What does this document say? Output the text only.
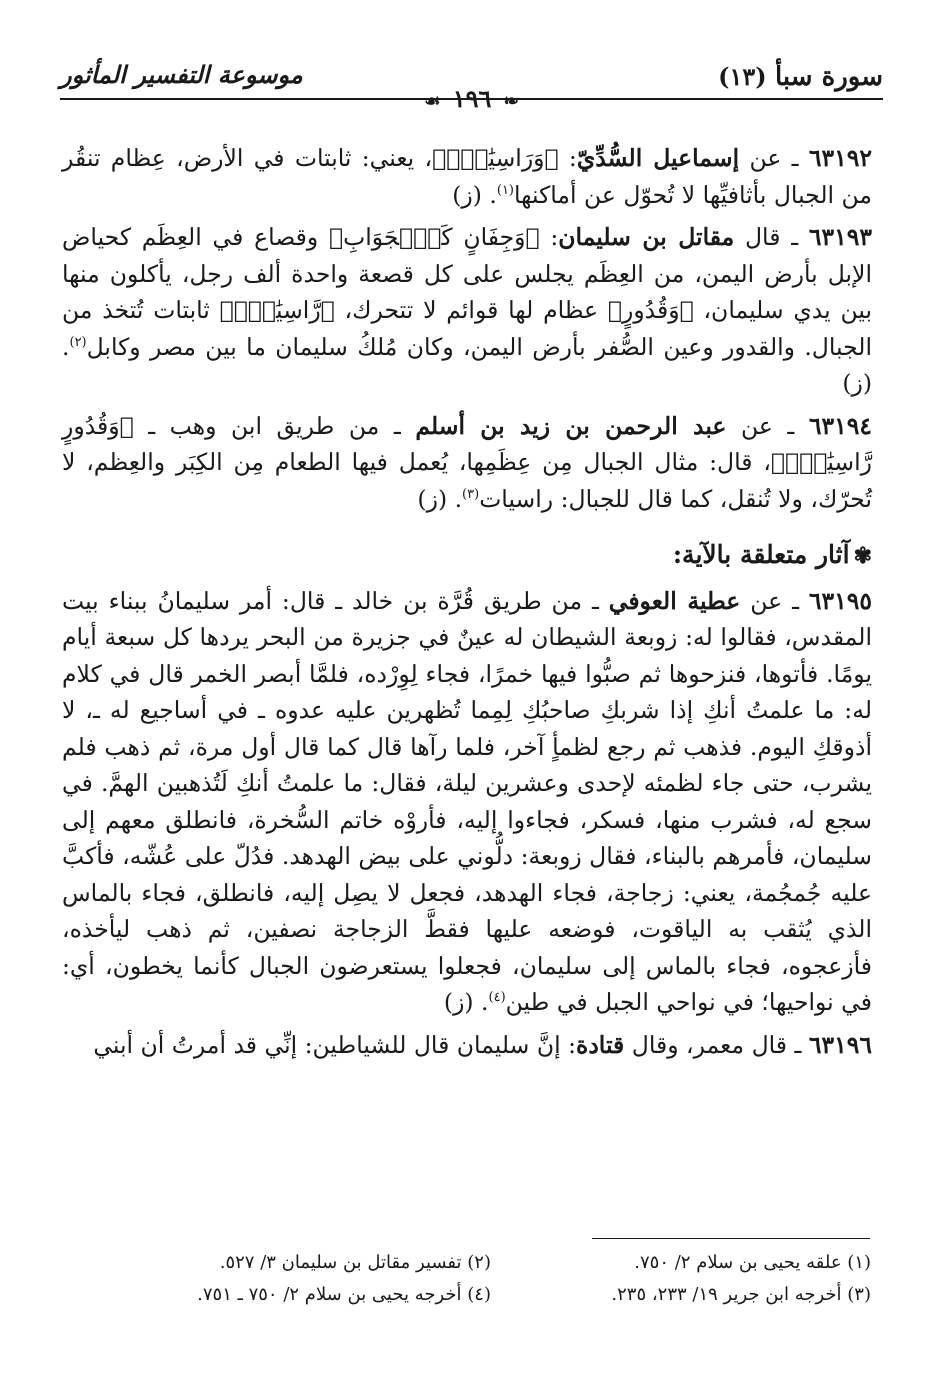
سورة سبأ (١٣)
موسوعة التفسير المأثور
❧ ١٩٦ ☙

٦٣١٩٢ ـ عن إسماعيل السُّدِّيّ: ﴿وَرَاسِيَٰتٍۚ﴾، يعني: ثابتات في الأرض، عِظام تنقُر من الجبال بأثافيِّها لا تُحوّل عن أماكنها$^{(١)}$. (ز)

٦٣١٩٣ ـ قال مقاتل بن سليمان: ﴿وَجِفَانٍ كَٱلۡجَوَابِ﴾ وقصاع في العِظَم كحياض الإبل بأرض اليمن، من العِظَم يجلس على كل قصعة واحدة ألف رجل، يأكلون منها بين يدي سليمان، ﴿وَقُدُورٍ﴾ عظام لها قوائم لا تتحرك، ﴿رَّاسِيَٰتٍۚ﴾ ثابتات تُتخذ من الجبال. والقدور وعين الصُّفر بأرض اليمن، وكان مُلكُ سليمان ما بين مصر وكابل$^{(٢)}$. (ز)

٦٣١٩٤ ـ عن عبد الرحمن بن زيد بن أسلم ـ من طريق ابن وهب ـ ﴿وَقُدُورٍ رَّاسِيَٰتٍۚ﴾، قال: مثال الجبال مِن عِظَمِها، يُعمل فيها الطعام مِن الكِبَر والعِظم، لا تُحرّك، ولا تُنقل، كما قال للجبال: راسيات$^{(٣)}$. (ز)

✾آثار متعلقة بالآية:

٦٣١٩٥ ـ عن عطية العوفي ـ من طريق قُرَّة بن خالد ـ قال: أمر سليمانُ ببناء بيت المقدس، فقالوا له: زوبعة الشيطان له عينٌ في جزيرة من البحر يردها كل سبعة أيام يومًا. فأتوها، فنزحوها ثم صبُّوا فيها خمرًا، فجاء لِوِرْده، فلمَّا أبصر الخمر قال في كلام له: ما علمتُ أنكِ إذا شربكِ صاحبُكِ لِمِما تُظهرين عليه عدوه ـ في أساجيع له ـ، لا أذوقكِ اليوم. فذهب ثم رجع لظمأٍ آخر، فلما رآها قال كما قال أول مرة، ثم ذهب فلم يشرب، حتى جاء لظمئه لإحدى وعشرين ليلة، فقال: ما علمتُ أنكِ لَتُذهبين الهمَّ. في سجع له، فشرب منها، فسكر، فجاءوا إليه، فأروْه خاتم السُّخرة، فانطلق معهم إلى سليمان، فأمرهم بالبناء، فقال زوبعة: دلُّوني على بيض الهدهد. فدُلّ على عُشّه، فأكبَّ عليه جُمجُمة، يعني: زجاجة، فجاء الهدهد، فجعل لا يصِل إليه، فانطلق، فجاء بالماس الذي يُثقب به الياقوت، فوضعه عليها فقطَّ الزجاجة نصفين، ثم ذهب ليأخذه، فأزعجوه، فجاء بالماس إلى سليمان، فجعلوا يستعرضون الجبال كأنما يخطون، أي: في نواحيها؛ في نواحي الجبل في طين$^{(٤)}$. (ز)

٦٣١٩٦ ـ قال معمر، وقال قتادة: إنَّ سليمان قال للشياطين: إنِّي قد أمرتُ أن أبني

(١) علقه يحيى بن سلام ٢/ ٧٥٠.
(٢) تفسير مقاتل بن سليمان ٣/ ٥٢٧.
(٣) أخرجه ابن جرير ١٩/ ٢٣٣، ٢٣٥.
(٤) أخرجه يحيى بن سلام ٢/ ٧٥٠ ـ ٧٥١.
